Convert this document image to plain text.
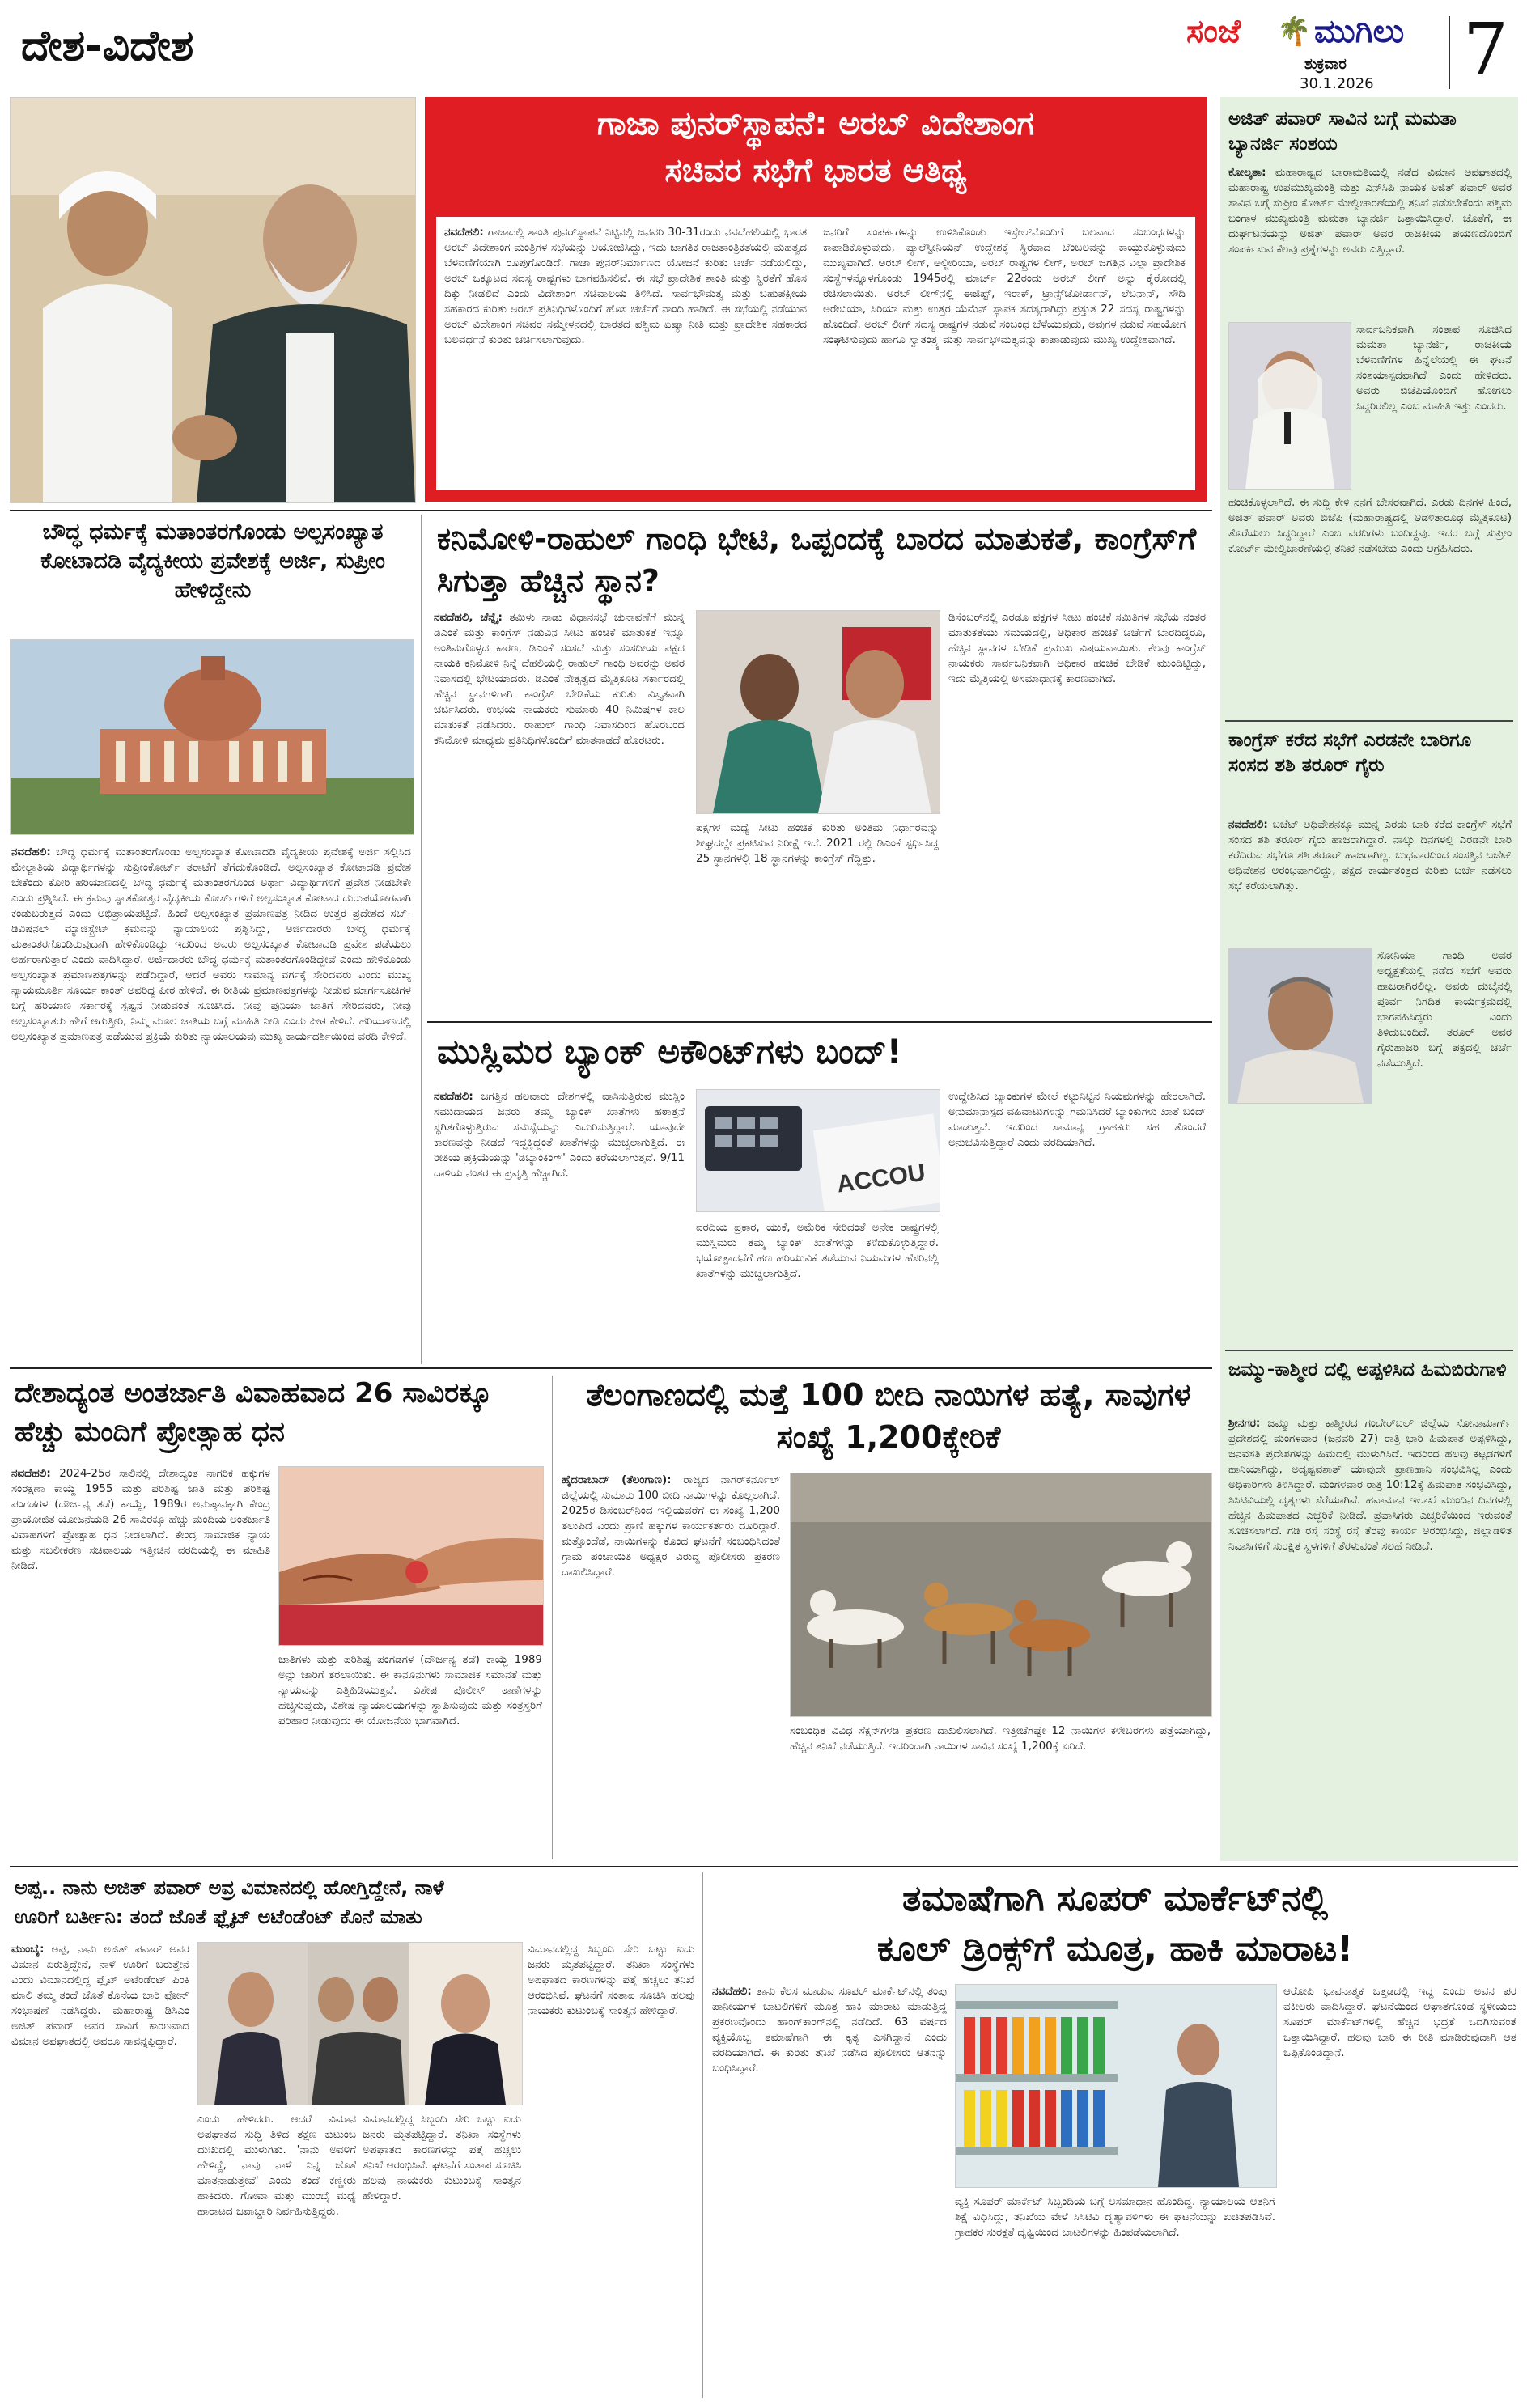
ದೇಶ-ವಿದೇಶ	ಸಂಜೆ 🌴 ಮುಗಿಲು
ಶುಕ್ರವಾರ
30.1.2026 7
ಗಾಜಾ ಪುನರ್‌ಸ್ಥಾಪನೆ: ಅರಬ್ ವಿದೇಶಾಂಗ
ಸಚಿವರ ಸಭೆಗೆ ಭಾರತ ಆತಿಥ್ಯ
ನವದೆಹಲಿ: ಗಾಜಾದಲ್ಲಿ ಶಾಂತಿ ಪುನರ್‌ಸ್ಥಾಪನೆ ನಿಟ್ಟಿನಲ್ಲಿ ಜನವರಿ 30-31ರಂದು ನವದೆಹಲಿಯಲ್ಲಿ ಭಾರತ ಅರಬ್ ವಿದೇಶಾಂಗ ಮಂತ್ರಿಗಳ ಸಭೆಯನ್ನು ಆಯೋಜಿಸಿದ್ದು, ಇದು ಜಾಗತಿಕ ರಾಜತಾಂತ್ರಿಕತೆಯಲ್ಲಿ ಮಹತ್ವದ ಬೆಳವಣಿಗೆಯಾಗಿ ರೂಪುಗೊಂಡಿದೆ. ಗಾಜಾ ಪುನರ್‌ನಿರ್ಮಾಣದ ಯೋಜನೆ ಕುರಿತು ಚರ್ಚೆ ನಡೆಯಲಿದ್ದು, ಅರಬ್ ಒಕ್ಕೂಟದ ಸದಸ್ಯ ರಾಷ್ಟ್ರಗಳು ಭಾಗವಹಿಸಲಿವೆ. ಈ ಸಭೆ ಪ್ರಾದೇಶಿಕ ಶಾಂತಿ ಮತ್ತು ಸ್ಥಿರತೆಗೆ ಹೊಸ ದಿಕ್ಕು ನೀಡಲಿದೆ ಎಂದು ವಿದೇಶಾಂಗ ಸಚಿವಾಲಯ ತಿಳಿಸಿದೆ. ಸಾರ್ವಭೌಮತ್ವ ಮತ್ತು ಬಹುಪಕ್ಷೀಯ ಸಹಕಾರದ ಕುರಿತು ಅರಬ್ ಪ್ರತಿನಿಧಿಗಳೊಂದಿಗೆ ಹೊಸ ಚರ್ಚೆಗೆ ನಾಂದಿ ಹಾಡಿದೆ. ಈ ಸಭೆಯಲ್ಲಿ ನಡೆಯುವ ಅರಬ್ ವಿದೇಶಾಂಗ ಸಚಿವರ ಸಮ್ಮೇಳನದಲ್ಲಿ ಭಾರತದ ಪಶ್ಚಿಮ ಏಷ್ಯಾ ನೀತಿ ಮತ್ತು ಪ್ರಾದೇಶಿಕ ಸಹಕಾರದ ಬಲವರ್ಧನೆ ಕುರಿತು ಚರ್ಚಿಸಲಾಗುವುದು.
ಜನರಿಗೆ ಸಂಪರ್ಕಗಳನ್ನು ಉಳಿಸಿಕೊಂಡು ಇಸ್ರೇಲ್‌ನೊಂದಿಗೆ ಬಲವಾದ ಸಂಬಂಧಗಳನ್ನು ಕಾಪಾಡಿಕೊಳ್ಳುವುದು, ಪ್ಯಾಲೆಸ್ಟೀನಿಯನ್ ಉದ್ದೇಶಕ್ಕೆ ಸ್ಥಿರವಾದ ಬೆಂಬಲವನ್ನು ಕಾಯ್ದುಕೊಳ್ಳುವುದು ಮುಖ್ಯವಾಗಿದೆ. ಅರಬ್ ಲೀಗ್, ಅಲ್ಜೀರಿಯಾ, ಅರಬ್ ರಾಷ್ಟ್ರಗಳ ಲೀಗ್, ಅರಬ್ ಜಗತ್ತಿನ ಎಲ್ಲಾ ಪ್ರಾದೇಶಿಕ ಸಂಸ್ಥೆಗಳನ್ನೊಳಗೊಂಡು 1945ರಲ್ಲಿ ಮಾರ್ಚ್ 22ರಂದು ಅರಬ್ ಲೀಗ್ ಅನ್ನು ಕೈರೋದಲ್ಲಿ ರಚಿಸಲಾಯಿತು. ಅರಬ್ ಲೀಗ್‌ನಲ್ಲಿ ಈಜಿಪ್ಟ್, ಇರಾಕ್, ಟ್ರಾನ್ಸ್‌ಜೋರ್ಡಾನ್, ಲೆಬನಾನ್, ಸೌದಿ ಅರೇಬಿಯಾ, ಸಿರಿಯಾ ಮತ್ತು ಉತ್ತರ ಯೆಮೆನ್ ಸ್ಥಾಪಕ ಸದಸ್ಯರಾಗಿದ್ದು ಪ್ರಸ್ತುತ 22 ಸದಸ್ಯ ರಾಷ್ಟ್ರಗಳನ್ನು ಹೊಂದಿದೆ. ಅರಬ್ ಲೀಗ್ ಸದಸ್ಯ ರಾಷ್ಟ್ರಗಳ ನಡುವೆ ಸಂಬಂಧ ಬೆಳೆಯುವುದು, ಅವುಗಳ ನಡುವೆ ಸಹಯೋಗ ಸಂಘಟಿಸುವುದು ಹಾಗೂ ಸ್ವಾತಂತ್ರ್ಯ ಮತ್ತು ಸಾರ್ವಭೌಮತ್ವವನ್ನು ಕಾಪಾಡುವುದು ಮುಖ್ಯ ಉದ್ದೇಶವಾಗಿದೆ.
ಬೌದ್ಧ ಧರ್ಮಕ್ಕೆ ಮತಾಂತರಗೊಂಡು ಅಲ್ಪಸಂಖ್ಯಾತ ಕೋಟಾದಡಿ ವೈದ್ಯಕೀಯ ಪ್ರವೇಶಕ್ಕೆ ಅರ್ಜಿ, ಸುಪ್ರೀಂ ಹೇಳಿದ್ದೇನು
ನವದೆಹಲಿ: ಬೌದ್ಧ ಧರ್ಮಕ್ಕೆ ಮತಾಂತರಗೊಂಡು ಅಲ್ಪಸಂಖ್ಯಾತ ಕೋಟಾದಡಿ ವೈದ್ಯಕೀಯ ಪ್ರವೇಶಕ್ಕೆ ಅರ್ಜಿ ಸಲ್ಲಿಸಿದ ಮೇಲ್ಜಾತಿಯ ವಿದ್ಯಾರ್ಥಿಗಳನ್ನು ಸುಪ್ರೀಂಕೋರ್ಟ್ ತರಾಟೆಗೆ ತೆಗೆದುಕೊಂಡಿದೆ. ಅಲ್ಪಸಂಖ್ಯಾತ ಕೋಟಾದಡಿ ಪ್ರವೇಶ ಬೇಕೆಂದು ಕೋರಿ ಹರಿಯಾಣದಲ್ಲಿ ಬೌದ್ಧ ಧರ್ಮಕ್ಕೆ ಮತಾಂತರಗೊಂಡ ಅರ್ಥಾ ವಿದ್ಯಾರ್ಥಿಗಳಿಗೆ ಪ್ರವೇಶ ನೀಡಬೇಕೇ ಎಂದು ಪ್ರಶ್ನಿಸಿದೆ. ಈ ಕ್ರಮವು ಸ್ನಾತಕೋತ್ತರ ವೈದ್ಯಕೀಯ ಕೋರ್ಸ್‌ಗಳಿಗೆ ಅಲ್ಪಸಂಖ್ಯಾತ ಕೋಟಾದ ದುರುಪಯೋಗವಾಗಿ ಕಂಡುಬರುತ್ತದೆ ಎಂದು ಅಭಿಪ್ರಾಯಪಟ್ಟಿದೆ. ಹಿಂದೆ ಅಲ್ಪಸಂಖ್ಯಾತ ಪ್ರಮಾಣಪತ್ರ ನೀಡಿದ ಉತ್ತರ ಪ್ರದೇಶದ ಸಬ್-ಡಿವಿಷನಲ್ ಮ್ಯಾಜಿಸ್ಟ್ರೇಟ್ ಕ್ರಮವನ್ನು ನ್ಯಾಯಾಲಯ ಪ್ರಶ್ನಿಸಿದ್ದು, ಅರ್ಜಿದಾರರು ಬೌದ್ಧ ಧರ್ಮಕ್ಕೆ ಮತಾಂತರಗೊಂಡಿರುವುದಾಗಿ ಹೇಳಿಕೊಂಡಿದ್ದು ಇದರಿಂದ ಅವರು ಅಲ್ಪಸಂಖ್ಯಾತ ಕೋಟಾದಡಿ ಪ್ರವೇಶ ಪಡೆಯಲು ಅರ್ಹರಾಗುತ್ತಾರೆ ಎಂದು ವಾದಿಸಿದ್ದಾರೆ. ಅರ್ಜಿದಾರರು ಬೌದ್ಧ ಧರ್ಮಕ್ಕೆ ಮತಾಂತರಗೊಂಡಿದ್ದೇವೆ ಎಂದು ಹೇಳಿಕೊಂಡು ಅಲ್ಪಸಂಖ್ಯಾತ ಪ್ರಮಾಣಪತ್ರಗಳನ್ನು ಪಡೆದಿದ್ದಾರೆ, ಆದರೆ ಅವರು ಸಾಮಾನ್ಯ ವರ್ಗಕ್ಕೆ ಸೇರಿದವರು ಎಂದು ಮುಖ್ಯ ನ್ಯಾಯಮೂರ್ತಿ ಸೂರ್ಯ ಕಾಂತ್ ಅವರಿದ್ದ ಪೀಠ ಹೇಳಿದೆ. ಈ ರೀತಿಯ ಪ್ರಮಾಣಪತ್ರಗಳನ್ನು ನೀಡುವ ಮಾರ್ಗಸೂಚಿಗಳ ಬಗ್ಗೆ ಹರಿಯಾಣ ಸರ್ಕಾರಕ್ಕೆ ಸ್ಪಷ್ಟನೆ ನೀಡುವಂತೆ ಸೂಚಿಸಿದೆ. ನೀವು ಪುನಿಯಾ ಜಾತಿಗೆ ಸೇರಿದವರು, ನೀವು ಅಲ್ಪಸಂಖ್ಯಾತರು ಹೇಗೆ ಆಗುತ್ತೀರಿ, ನಿಮ್ಮ ಮೂಲ ಜಾತಿಯ ಬಗ್ಗೆ ಮಾಹಿತಿ ನೀಡಿ ಎಂದು ಪೀಠ ಕೇಳಿದೆ. ಹರಿಯಾಣದಲ್ಲಿ ಅಲ್ಪಸಂಖ್ಯಾತ ಪ್ರಮಾಣಪತ್ರ ಪಡೆಯುವ ಪ್ರಕ್ರಿಯೆ ಕುರಿತು ನ್ಯಾಯಾಲಯವು ಮುಖ್ಯ ಕಾರ್ಯದರ್ಶಿಯಿಂದ ವರದಿ ಕೇಳಿದೆ.
ಕನಿಮೋಳಿ-ರಾಹುಲ್ ಗಾಂಧಿ ಭೇಟಿ, ಒಪ್ಪಂದಕ್ಕೆ ಬಾರದ ಮಾತುಕತೆ, ಕಾಂಗ್ರೆಸ್‌ಗೆ ಸಿಗುತ್ತಾ ಹೆಚ್ಚಿನ ಸ್ಥಾನ?
ನವದೆಹಲಿ, ಚೆನ್ನೈ: ತಮಿಳು ನಾಡು ವಿಧಾನಸಭೆ ಚುನಾವಣೆಗೆ ಮುನ್ನ ಡಿಎಂಕೆ ಮತ್ತು ಕಾಂಗ್ರೆಸ್ ನಡುವಿನ ಸೀಟು ಹಂಚಿಕೆ ಮಾತುಕತೆ ಇನ್ನೂ ಅಂತಿಮಗೊಳ್ಳದ ಕಾರಣ, ಡಿಎಂಕೆ ಸಂಸದೆ ಮತ್ತು ಸಂಸದೀಯ ಪಕ್ಷದ ನಾಯಕಿ ಕನಿಮೋಳಿ ನಿನ್ನೆ ದೆಹಲಿಯಲ್ಲಿ ರಾಹುಲ್ ಗಾಂಧಿ ಅವರನ್ನು ಅವರ ನಿವಾಸದಲ್ಲಿ ಭೇಟಿಯಾದರು. ಡಿಎಂಕೆ ನೇತೃತ್ವದ ಮೈತ್ರಿಕೂಟ ಸರ್ಕಾರದಲ್ಲಿ ಹೆಚ್ಚಿನ ಸ್ಥಾನಗಳಿಗಾಗಿ ಕಾಂಗ್ರೆಸ್ ಬೇಡಿಕೆಯ ಕುರಿತು ವಿಸ್ತೃತವಾಗಿ ಚರ್ಚಿಸಿದರು. ಉಭಯ ನಾಯಕರು ಸುಮಾರು 40 ನಿಮಿಷಗಳ ಕಾಲ ಮಾತುಕತೆ ನಡೆಸಿದರು. ರಾಹುಲ್ ಗಾಂಧಿ ನಿವಾಸದಿಂದ ಹೊರಬಂದ ಕನಿಮೋಳಿ ಮಾಧ್ಯಮ ಪ್ರತಿನಿಧಿಗಳೊಂದಿಗೆ ಮಾತನಾಡದೆ ಹೊರಟರು.
ಡಿಸೆಂಬರ್‌ನಲ್ಲಿ ಎರಡೂ ಪಕ್ಷಗಳ ಸೀಟು ಹಂಚಿಕೆ ಸಮಿತಿಗಳ ಸಭೆಯ ನಂತರ ಮಾತುಕತೆಯು ಸಮಯದಲ್ಲಿ, ಅಧಿಕಾರ ಹಂಚಿಕೆ ಚರ್ಚೆಗೆ ಬಾರದಿದ್ದರೂ, ಹೆಚ್ಚಿನ ಸ್ಥಾನಗಳ ಬೇಡಿಕೆ ಪ್ರಮುಖ ವಿಷಯವಾಯಿತು. ಕೆಲವು ಕಾಂಗ್ರೆಸ್ ನಾಯಕರು ಸಾರ್ವಜನಿಕವಾಗಿ ಅಧಿಕಾರ ಹಂಚಿಕೆ ಬೇಡಿಕೆ ಮುಂದಿಟ್ಟಿದ್ದು, ಇದು ಮೈತ್ರಿಯಲ್ಲಿ ಅಸಮಾಧಾನಕ್ಕೆ ಕಾರಣವಾಗಿದೆ.
ಪಕ್ಷಗಳ ಮಧ್ಯೆ ಸೀಟು ಹಂಚಿಕೆ ಕುರಿತು ಅಂತಿಮ ನಿರ್ಧಾರವನ್ನು ಶೀಘ್ರದಲ್ಲೇ ಪ್ರಕಟಿಸುವ ನಿರೀಕ್ಷೆ ಇದೆ. 2021 ರಲ್ಲಿ ಡಿಎಂಕೆ ಸ್ಪರ್ಧಿಸಿದ್ದ 25 ಸ್ಥಾನಗಳಲ್ಲಿ 18 ಸ್ಥಾನಗಳನ್ನು ಕಾಂಗ್ರೆಸ್ ಗೆದ್ದಿತ್ತು.
ಮುಸ್ಲಿಮರ ಬ್ಯಾಂಕ್ ಅಕೌಂಟ್‌ಗಳು ಬಂದ್!
ನವದೆಹಲಿ: ಜಗತ್ತಿನ ಹಲವಾರು ದೇಶಗಳಲ್ಲಿ ವಾಸಿಸುತ್ತಿರುವ ಮುಸ್ಲಿಂ ಸಮುದಾಯದ ಜನರು ತಮ್ಮ ಬ್ಯಾಂಕ್ ಖಾತೆಗಳು ಹಠಾತ್ತನೆ ಸ್ಥಗಿತಗೊಳ್ಳುತ್ತಿರುವ ಸಮಸ್ಯೆಯನ್ನು ಎದುರಿಸುತ್ತಿದ್ದಾರೆ. ಯಾವುದೇ ಕಾರಣವನ್ನು ನೀಡದೆ ಇದ್ದಕ್ಕಿದ್ದಂತೆ ಖಾತೆಗಳನ್ನು ಮುಚ್ಚಲಾಗುತ್ತಿದೆ. ಈ ರೀತಿಯ ಪ್ರಕ್ರಿಯೆಯನ್ನು 'ಡಿಬ್ಯಾಂಕಿಂಗ್' ಎಂದು ಕರೆಯಲಾಗುತ್ತದೆ. 9/11 ದಾಳಿಯ ನಂತರ ಈ ಪ್ರವೃತ್ತಿ ಹೆಚ್ಚಾಗಿದೆ.	ACCOU
ವರದಿಯ ಪ್ರಕಾರ, ಯುಕೆ, ಅಮೆರಿಕ ಸೇರಿದಂತೆ ಅನೇಕ ರಾಷ್ಟ್ರಗಳಲ್ಲಿ ಮುಸ್ಲಿಮರು ತಮ್ಮ ಬ್ಯಾಂಕ್ ಖಾತೆಗಳನ್ನು ಕಳೆದುಕೊಳ್ಳುತ್ತಿದ್ದಾರೆ. ಭಯೋತ್ಪಾದನೆಗೆ ಹಣ ಹರಿಯುವಿಕೆ ತಡೆಯುವ ನಿಯಮಗಳ ಹೆಸರಿನಲ್ಲಿ ಖಾತೆಗಳನ್ನು ಮುಚ್ಚಲಾಗುತ್ತಿದೆ.
ಉದ್ದೇಶಿಸಿದ ಬ್ಯಾಂಕುಗಳ ಮೇಲೆ ಕಟ್ಟುನಿಟ್ಟಿನ ನಿಯಮಗಳನ್ನು ಹೇರಲಾಗಿದೆ. ಅನುಮಾನಾಸ್ಪದ ವಹಿವಾಟುಗಳನ್ನು ಗಮನಿಸಿದರೆ ಬ್ಯಾಂಕುಗಳು ಖಾತೆ ಬಂದ್ ಮಾಡುತ್ತವೆ. ಇದರಿಂದ ಸಾಮಾನ್ಯ ಗ್ರಾಹಕರು ಸಹ ತೊಂದರೆ ಅನುಭವಿಸುತ್ತಿದ್ದಾರೆ ಎಂದು ವರದಿಯಾಗಿದೆ.
ದೇಶಾದ್ಯಂತ ಅಂತರ್ಜಾತಿ ವಿವಾಹವಾದ 26 ಸಾವಿರಕ್ಕೂ ಹೆಚ್ಚು ಮಂದಿಗೆ ಪ್ರೋತ್ಸಾಹ ಧನ
ನವದೆಹಲಿ: 2024-25ರ ಸಾಲಿನಲ್ಲಿ ದೇಶಾದ್ಯಂತ ನಾಗರಿಕ ಹಕ್ಕುಗಳ ಸಂರಕ್ಷಣಾ ಕಾಯ್ದೆ 1955 ಮತ್ತು ಪರಿಶಿಷ್ಟ ಜಾತಿ ಮತ್ತು ಪರಿಶಿಷ್ಟ ಪಂಗಡಗಳ (ದೌರ್ಜನ್ಯ ತಡೆ) ಕಾಯ್ದೆ, 1989ರ ಅನುಷ್ಠಾನಕ್ಕಾಗಿ ಕೇಂದ್ರ ಪ್ರಾಯೋಜಿತ ಯೋಜನೆಯಡಿ 26 ಸಾವಿರಕ್ಕೂ ಹೆಚ್ಚು ಮಂದಿಯ ಅಂತರ್ಜಾತಿ ವಿವಾಹಗಳಿಗೆ ಪ್ರೋತ್ಸಾಹ ಧನ ನೀಡಲಾಗಿದೆ. ಕೇಂದ್ರ ಸಾಮಾಜಿಕ ನ್ಯಾಯ ಮತ್ತು ಸಬಲೀಕರಣ ಸಚಿವಾಲಯ ಇತ್ತೀಚಿನ ವರದಿಯಲ್ಲಿ ಈ ಮಾಹಿತಿ ನೀಡಿದೆ.
ಜಾತಿಗಳು ಮತ್ತು ಪರಿಶಿಷ್ಟ ಪಂಗಡಗಳ (ದೌರ್ಜನ್ಯ ತಡೆ) ಕಾಯ್ದೆ 1989 ಅನ್ನು ಜಾರಿಗೆ ತರಲಾಯಿತು. ಈ ಕಾನೂನುಗಳು ಸಾಮಾಜಿಕ ಸಮಾನತೆ ಮತ್ತು ನ್ಯಾಯವನ್ನು ಎತ್ತಿಹಿಡಿಯುತ್ತವೆ. ವಿಶೇಷ ಪೊಲೀಸ್ ಠಾಣೆಗಳನ್ನು ಹೆಚ್ಚಿಸುವುದು, ವಿಶೇಷ ನ್ಯಾಯಾಲಯಗಳನ್ನು ಸ್ಥಾಪಿಸುವುದು ಮತ್ತು ಸಂತ್ರಸ್ತರಿಗೆ ಪರಿಹಾರ ನೀಡುವುದು ಈ ಯೋಜನೆಯ ಭಾಗವಾಗಿದೆ.
ತೆಲಂಗಾಣದಲ್ಲಿ ಮತ್ತೆ 100 ಬೀದಿ ನಾಯಿಗಳ ಹತ್ಯೆ, ಸಾವುಗಳ ಸಂಖ್ಯೆ 1,200ಕ್ಕೇರಿಕೆ
ಹೈದರಾಬಾದ್ (ತೆಲಂಗಾಣ): ರಾಜ್ಯದ ನಾಗರ್‌ಕರ್ನೂಲ್ ಜಿಲ್ಲೆಯಲ್ಲಿ ಸುಮಾರು 100 ಬೀದಿ ನಾಯಿಗಳನ್ನು ಕೊಲ್ಲಲಾಗಿದೆ. 2025ರ ಡಿಸೆಂಬರ್‌ನಿಂದ ಇಲ್ಲಿಯವರೆಗೆ ಈ ಸಂಖ್ಯೆ 1,200 ತಲುಪಿದೆ ಎಂದು ಪ್ರಾಣಿ ಹಕ್ಕುಗಳ ಕಾರ್ಯಕರ್ತರು ದೂರಿದ್ದಾರೆ. ಮತ್ತೊಂದೆಡೆ, ನಾಯಿಗಳನ್ನು ಕೊಂದ ಘಟನೆಗೆ ಸಂಬಂಧಿಸಿದಂತೆ ಗ್ರಾಮ ಪಂಚಾಯಿತಿ ಅಧ್ಯಕ್ಷರ ವಿರುದ್ಧ ಪೊಲೀಸರು ಪ್ರಕರಣ ದಾಖಲಿಸಿದ್ದಾರೆ.
ಸಂಬಂಧಿತ ವಿವಿಧ ಸೆಕ್ಷನ್‌ಗಳಡಿ ಪ್ರಕರಣ ದಾಖಲಿಸಲಾಗಿದೆ. ಇತ್ತೀಚೆಗಷ್ಟೇ 12 ನಾಯಿಗಳ ಕಳೇಬರಗಳು ಪತ್ತೆಯಾಗಿದ್ದು, ಹೆಚ್ಚಿನ ತನಿಖೆ ನಡೆಯುತ್ತಿದೆ. ಇದರಿಂದಾಗಿ ನಾಯಿಗಳ ಸಾವಿನ ಸಂಖ್ಯೆ 1,200ಕ್ಕೆ ಏರಿದೆ.
ಅಜಿತ್ ಪವಾರ್ ಸಾವಿನ ಬಗ್ಗೆ ಮಮತಾ ಬ್ಯಾನರ್ಜಿ ಸಂಶಯ
ಕೋಲ್ಕತಾ: ಮಹಾರಾಷ್ಟ್ರದ ಬಾರಾಮತಿಯಲ್ಲಿ ನಡೆದ ವಿಮಾನ ಅಪಘಾತದಲ್ಲಿ ಮಹಾರಾಷ್ಟ್ರ ಉಪಮುಖ್ಯಮಂತ್ರಿ ಮತ್ತು ಎನ್‌ಸಿಪಿ ನಾಯಕ ಅಜಿತ್ ಪವಾರ್ ಅವರ ಸಾವಿನ ಬಗ್ಗೆ ಸುಪ್ರೀಂ ಕೋರ್ಟ್ ಮೇಲ್ವಿಚಾರಣೆಯಲ್ಲಿ ತನಿಖೆ ನಡೆಸಬೇಕೆಂದು ಪಶ್ಚಿಮ ಬಂಗಾಳ ಮುಖ್ಯಮಂತ್ರಿ ಮಮತಾ ಬ್ಯಾನರ್ಜಿ ಒತ್ತಾಯಿಸಿದ್ದಾರೆ. ಜೊತೆಗೆ, ಈ ದುರ್ಘಟನೆಯನ್ನು ಅಜಿತ್ ಪವಾರ್ ಅವರ ರಾಜಕೀಯ ಪಯಣದೊಂದಿಗೆ ಸಂಪರ್ಕಿಸುವ ಕೆಲವು ಪ್ರಶ್ನೆಗಳನ್ನು ಅವರು ಎತ್ತಿದ್ದಾರೆ.
ಸಾರ್ವಜನಿಕವಾಗಿ ಸಂತಾಪ ಸೂಚಿಸಿದ ಮಮತಾ ಬ್ಯಾನರ್ಜಿ, ರಾಜಕೀಯ ಬೆಳವಣಿಗೆಗಳ ಹಿನ್ನೆಲೆಯಲ್ಲಿ ಈ ಘಟನೆ ಸಂಶಯಾಸ್ಪದವಾಗಿದೆ ಎಂದು ಹೇಳಿದರು. ಅವರು ಬಿಜೆಪಿಯೊಂದಿಗೆ ಹೋಗಲು ಸಿದ್ಧರಿರಲಿಲ್ಲ ಎಂಬ ಮಾಹಿತಿ ಇತ್ತು ಎಂದರು.
ಹಂಚಿಕೊಳ್ಳಲಾಗಿದೆ. ಈ ಸುದ್ದಿ ಕೇಳಿ ನನಗೆ ಬೇಸರವಾಗಿದೆ. ಎರಡು ದಿನಗಳ ಹಿಂದೆ, ಅಜಿತ್ ಪವಾರ್ ಅವರು ಬಿಜೆಪಿ (ಮಹಾರಾಷ್ಟ್ರದಲ್ಲಿ ಆಡಳಿತಾರೂಢ ಮೈತ್ರಿಕೂಟ) ತೊರೆಯಲು ಸಿದ್ಧರಿದ್ದಾರೆ ಎಂಬ ವರದಿಗಳು ಬಂದಿದ್ದವು. ಇದರ ಬಗ್ಗೆ ಸುಪ್ರೀಂ ಕೋರ್ಟ್ ಮೇಲ್ವಿಚಾರಣೆಯಲ್ಲಿ ತನಿಖೆ ನಡೆಸಬೇಕು ಎಂದು ಆಗ್ರಹಿಸಿದರು.
ಕಾಂಗ್ರೆಸ್ ಕರೆದ ಸಭೆಗೆ ಎರಡನೇ ಬಾರಿಗೂ ಸಂಸದ ಶಶಿ ತರೂರ್ ಗೈರು
ನವದೆಹಲಿ: ಬಜೆಟ್ ಅಧಿವೇಶನಕ್ಕೂ ಮುನ್ನ ಎರಡು ಬಾರಿ ಕರೆದ ಕಾಂಗ್ರೆಸ್ ಸಭೆಗೆ ಸಂಸದ ಶಶಿ ತರೂರ್ ಗೈರು ಹಾಜರಾಗಿದ್ದಾರೆ. ನಾಲ್ಕು ದಿನಗಳಲ್ಲಿ ಎರಡನೇ ಬಾರಿ ಕರೆದಿರುವ ಸಭೆಗೂ ಶಶಿ ತರೂರ್ ಹಾಜರಾಗಿಲ್ಲ. ಬುಧವಾರದಿಂದ ಸಂಸತ್ತಿನ ಬಜೆಟ್ ಅಧಿವೇಶನ ಆರಂಭವಾಗಲಿದ್ದು, ಪಕ್ಷದ ಕಾರ್ಯತಂತ್ರದ ಕುರಿತು ಚರ್ಚೆ ನಡೆಸಲು ಸಭೆ ಕರೆಯಲಾಗಿತ್ತು.
ಸೋನಿಯಾ ಗಾಂಧಿ ಅವರ ಅಧ್ಯಕ್ಷತೆಯಲ್ಲಿ ನಡೆದ ಸಭೆಗೆ ಅವರು ಹಾಜರಾಗಿರಲಿಲ್ಲ. ಅವರು ದುಬೈನಲ್ಲಿ ಪೂರ್ವ ನಿಗದಿತ ಕಾರ್ಯಕ್ರಮದಲ್ಲಿ ಭಾಗವಹಿಸಿದ್ದರು ಎಂದು ತಿಳಿದುಬಂದಿದೆ. ತರೂರ್ ಅವರ ಗೈರುಹಾಜರಿ ಬಗ್ಗೆ ಪಕ್ಷದಲ್ಲಿ ಚರ್ಚೆ ನಡೆಯುತ್ತಿದೆ.
ಜಮ್ಮು-ಕಾಶ್ಮೀರ ದಲ್ಲಿ ಅಪ್ಪಳಿಸಿದ ಹಿಮಬಿರುಗಾಳಿ
ಶ್ರೀನಗರ: ಜಮ್ಮು ಮತ್ತು ಕಾಶ್ಮೀರದ ಗಂದೇರ್‌ಬಲ್ ಜಿಲ್ಲೆಯ ಸೋನಾಮಾರ್ಗ್ ಪ್ರದೇಶದಲ್ಲಿ ಮಂಗಳವಾರ (ಜನವರಿ 27) ರಾತ್ರಿ ಭಾರಿ ಹಿಮಪಾತ ಅಪ್ಪಳಿಸಿದ್ದು, ಜನವಸತಿ ಪ್ರದೇಶಗಳನ್ನು ಹಿಮದಲ್ಲಿ ಮುಳುಗಿಸಿದೆ. ಇದರಿಂದ ಹಲವು ಕಟ್ಟಡಗಳಿಗೆ ಹಾನಿಯಾಗಿದ್ದು, ಅದೃಷ್ಟವಶಾತ್ ಯಾವುದೇ ಪ್ರಾಣಹಾನಿ ಸಂಭವಿಸಿಲ್ಲ ಎಂದು ಅಧಿಕಾರಿಗಳು ತಿಳಿಸಿದ್ದಾರೆ. ಮಂಗಳವಾರ ರಾತ್ರಿ 10:12ಕ್ಕೆ ಹಿಮಪಾತ ಸಂಭವಿಸಿದ್ದು, ಸಿಸಿಟಿವಿಯಲ್ಲಿ ದೃಶ್ಯಗಳು ಸೆರೆಯಾಗಿವೆ. ಹವಾಮಾನ ಇಲಾಖೆ ಮುಂದಿನ ದಿನಗಳಲ್ಲಿ ಹೆಚ್ಚಿನ ಹಿಮಪಾತದ ಎಚ್ಚರಿಕೆ ನೀಡಿದೆ. ಪ್ರವಾಸಿಗರು ಎಚ್ಚರಿಕೆಯಿಂದ ಇರುವಂತೆ ಸೂಚಿಸಲಾಗಿದೆ. ಗಡಿ ರಸ್ತೆ ಸಂಸ್ಥೆ ರಸ್ತೆ ತೆರವು ಕಾರ್ಯ ಆರಂಭಿಸಿದ್ದು, ಜಿಲ್ಲಾಡಳಿತ ನಿವಾಸಿಗಳಿಗೆ ಸುರಕ್ಷಿತ ಸ್ಥಳಗಳಿಗೆ ತೆರಳುವಂತೆ ಸಲಹೆ ನೀಡಿದೆ.
ಅಪ್ಪ.. ನಾನು ಅಜಿತ್ ಪವಾರ್ ಅವ್ರ ವಿಮಾನದಲ್ಲಿ ಹೋಗ್ತಿದ್ದೇನೆ, ನಾಳೆ
ಊರಿಗೆ ಬರ್ತೀನಿ: ತಂದೆ ಜೊತೆ ಫ್ಲೈಟ್ ಅಟೆಂಡೆಂಟ್ ಕೊನೆ ಮಾತು
ಮುಂಬೈ: ಅಪ್ಪ, ನಾನು ಅಜಿತ್ ಪವಾರ್ ಅವರ ವಿಮಾನ ಏರುತ್ತಿದ್ದೇನೆ, ನಾಳೆ ಊರಿಗೆ ಬರುತ್ತೇನೆ ಎಂದು ವಿಮಾನದಲ್ಲಿದ್ದ ಫ್ಲೈಟ್ ಅಟೆಂಡೆಂಟ್ ಪಿಂಕಿ ಮಾಲಿ ತಮ್ಮ ತಂದೆ ಜೊತೆ ಕೊನೆಯ ಬಾರಿ ಫೋನ್ ಸಂಭಾಷಣೆ ನಡೆಸಿದ್ದರು. ಮಹಾರಾಷ್ಟ್ರ ಡಿಸಿಎಂ ಅಜಿತ್ ಪವಾರ್ ಅವರ ಸಾವಿಗೆ ಕಾರಣವಾದ ವಿಮಾನ ಅಪಘಾತದಲ್ಲಿ ಅವರೂ ಸಾವನ್ನಪ್ಪಿದ್ದಾರೆ.
ಎಂದು ಹೇಳಿದರು. ಆದರೆ ವಿಮಾನ ಅಪಘಾತದ ಸುದ್ದಿ ತಿಳಿದ ತಕ್ಷಣ ಕುಟುಂಬ ದುಃಖದಲ್ಲಿ ಮುಳುಗಿತು. 'ನಾನು ಅವಳಿಗೆ ಹೇಳಿದ್ದೆ, ನಾವು ನಾಳೆ ನಿನ್ನ ಜೊತೆ ಮಾತನಾಡುತ್ತೇವೆ' ಎಂದು ತಂದೆ ಕಣ್ಣೀರು ಹಾಕಿದರು. ಗೋವಾ ಮತ್ತು ಮುಂಬೈ ಮಧ್ಯೆ ಹಾರಾಟದ ಜವಾಬ್ದಾರಿ ನಿರ್ವಹಿಸುತ್ತಿದ್ದರು.
ವಿಮಾನದಲ್ಲಿದ್ದ ಸಿಬ್ಬಂದಿ ಸೇರಿ ಒಟ್ಟು ಐದು ಜನರು ಮೃತಪಟ್ಟಿದ್ದಾರೆ. ತನಿಖಾ ಸಂಸ್ಥೆಗಳು ಅಪಘಾತದ ಕಾರಣಗಳನ್ನು ಪತ್ತೆ ಹಚ್ಚಲು ತನಿಖೆ ಆರಂಭಿಸಿವೆ. ಘಟನೆಗೆ ಸಂತಾಪ ಸೂಚಿಸಿ ಹಲವು ನಾಯಕರು ಕುಟುಂಬಕ್ಕೆ ಸಾಂತ್ವನ ಹೇಳಿದ್ದಾರೆ.
ವಿಮಾನದಲ್ಲಿದ್ದ ಸಿಬ್ಬಂದಿ ಸೇರಿ ಒಟ್ಟು ಐದು ಜನರು ಮೃತಪಟ್ಟಿದ್ದಾರೆ. ತನಿಖಾ ಸಂಸ್ಥೆಗಳು ಅಪಘಾತದ ಕಾರಣಗಳನ್ನು ಪತ್ತೆ ಹಚ್ಚಲು ತನಿಖೆ ಆರಂಭಿಸಿವೆ. ಘಟನೆಗೆ ಸಂತಾಪ ಸೂಚಿಸಿ ಹಲವು ನಾಯಕರು ಕುಟುಂಬಕ್ಕೆ ಸಾಂತ್ವನ ಹೇಳಿದ್ದಾರೆ.
ತಮಾಷೆಗಾಗಿ ಸೂಪರ್ ಮಾರ್ಕೆಟ್‌ನಲ್ಲಿ
ಕೂಲ್ ಡ್ರಿಂಕ್ಸ್‌ಗೆ ಮೂತ್ರ, ಹಾಕಿ ಮಾರಾಟ!
ನವದೆಹಲಿ: ತಾನು ಕೆಲಸ ಮಾಡುವ ಸೂಪರ್ ಮಾರ್ಕೆಟ್‌ನಲ್ಲಿ ತಂಪು ಪಾನೀಯಗಳ ಬಾಟಲಿಗಳಿಗೆ ಮೂತ್ರ ಹಾಕಿ ಮಾರಾಟ ಮಾಡುತ್ತಿದ್ದ ಪ್ರಕರಣವೊಂದು ಹಾಂಗ್‌ಕಾಂಗ್‌ನಲ್ಲಿ ನಡೆದಿದೆ. 63 ವರ್ಷದ ವ್ಯಕ್ತಿಯೊಬ್ಬ ತಮಾಷೆಗಾಗಿ ಈ ಕೃತ್ಯ ಎಸಗಿದ್ದಾನೆ ಎಂದು ವರದಿಯಾಗಿದೆ. ಈ ಕುರಿತು ತನಿಖೆ ನಡೆಸಿದ ಪೊಲೀಸರು ಆತನನ್ನು ಬಂಧಿಸಿದ್ದಾರೆ.
ವ್ಯಕ್ತಿ ಸೂಪರ್ ಮಾರ್ಕೆಟ್ ಸಿಬ್ಬಂದಿಯ ಬಗ್ಗೆ ಅಸಮಾಧಾನ ಹೊಂದಿದ್ದ. ನ್ಯಾಯಾಲಯ ಆತನಿಗೆ ಶಿಕ್ಷೆ ವಿಧಿಸಿದ್ದು, ತನಿಖೆಯ ವೇಳೆ ಸಿಸಿಟಿವಿ ದೃಶ್ಯಾವಳಿಗಳು ಈ ಘಟನೆಯನ್ನು ಖಚಿತಪಡಿಸಿವೆ. ಗ್ರಾಹಕರ ಸುರಕ್ಷತೆ ದೃಷ್ಟಿಯಿಂದ ಬಾಟಲಿಗಳನ್ನು ಹಿಂಪಡೆಯಲಾಗಿದೆ.
ಆರೋಪಿ ಭಾವನಾತ್ಮಕ ಒತ್ತಡದಲ್ಲಿ ಇದ್ದ ಎಂದು ಅವನ ಪರ ವಕೀಲರು ವಾದಿಸಿದ್ದಾರೆ. ಘಟನೆಯಿಂದ ಆಘಾತಗೊಂಡ ಸ್ಥಳೀಯರು ಸೂಪರ್ ಮಾರ್ಕೆಟ್‌ಗಳಲ್ಲಿ ಹೆಚ್ಚಿನ ಭದ್ರತೆ ಒದಗಿಸುವಂತೆ ಒತ್ತಾಯಿಸಿದ್ದಾರೆ. ಹಲವು ಬಾರಿ ಈ ರೀತಿ ಮಾಡಿರುವುದಾಗಿ ಆತ ಒಪ್ಪಿಕೊಂಡಿದ್ದಾನೆ.
